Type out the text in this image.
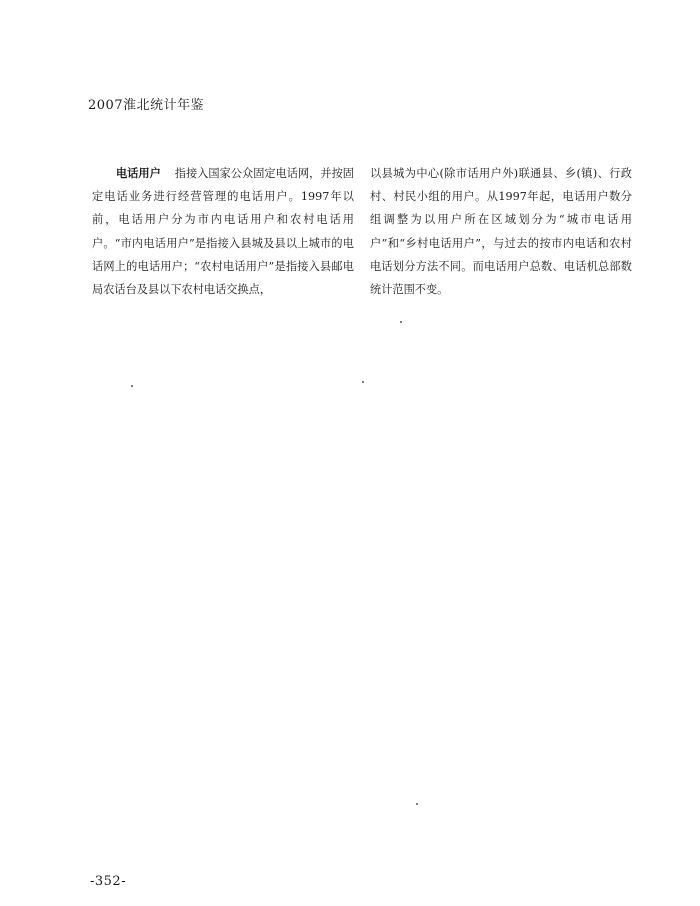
2007淮北统计年鉴
电话用户 指接入国家公众固定电话网，并按固定电话业务进行经营管理的电话用户。1997年以前，电话用户分为市内电话用户和农村电话用户。“市内电话用户”是指接入县城及县以上城市的电话网上的电话用户；“农村电话用户”是指接入县邮电局农话台及县以下农村电话交换点，
以县城为中心(除市话用户外)联通县、乡(镇)、行政村、村民小组的用户。从1997年起，电话用户数分组调整为以用户所在区域划分为“城市电话用户”和“乡村电话用户”，与过去的按市内电话和农村电话划分方法不同。而电话用户总数、电话机总部数统计范围不变。
-352-
